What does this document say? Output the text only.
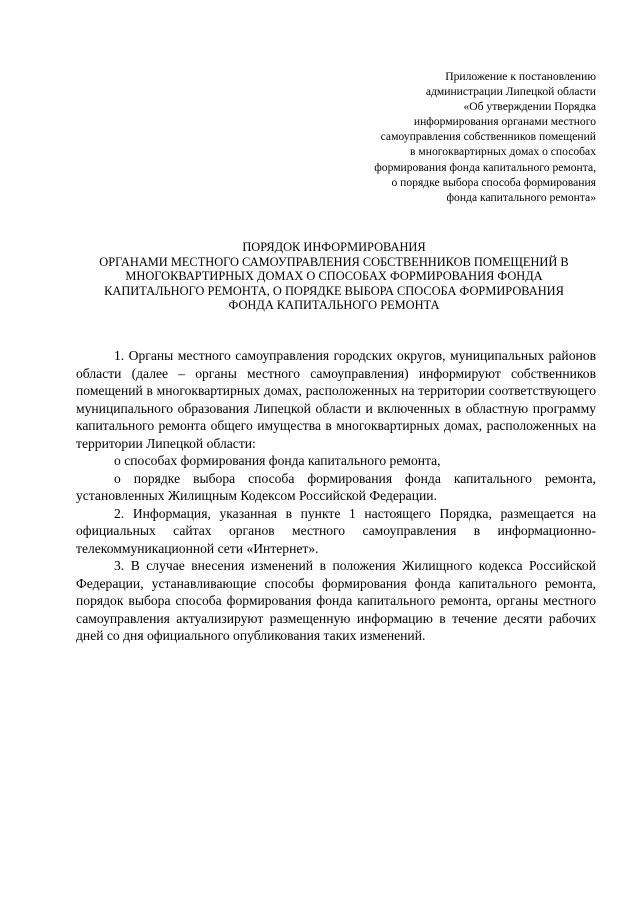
Приложение к постановлению
администрации Липецкой области
«Об утверждении Порядка
информирования органами местного
самоуправления собственников помещений
в многоквартирных домах о способах
формирования фонда капитального ремонта,
о порядке выбора способа формирования
фонда капитального ремонта»
ПОРЯДОК ИНФОРМИРОВАНИЯ
ОРГАНАМИ МЕСТНОГО САМОУПРАВЛЕНИЯ СОБСТВЕННИКОВ ПОМЕЩЕНИЙ В
МНОГОКВАРТИРНЫХ ДОМАХ О СПОСОБАХ ФОРМИРОВАНИЯ ФОНДА
КАПИТАЛЬНОГО РЕМОНТА, О ПОРЯДКЕ ВЫБОРА СПОСОБА ФОРМИРОВАНИЯ
ФОНДА КАПИТАЛЬНОГО РЕМОНТА

1. Органы местного самоуправления городских округов, муниципальных районов области (далее – органы местного самоуправления) информируют собственников помещений в многоквартирных домах, расположенных на территории соответствующего муниципального образования Липецкой области и включенных в областную программу капитального ремонта общего имущества в многоквартирных домах, расположенных на территории Липецкой области:

о способах формирования фонда капитального ремонта,

о порядке выбора способа формирования фонда капитального ремонта, установленных Жилищным Кодексом Российской Федерации.

2. Информация, указанная в пункте 1 настоящего Порядка, размещается на официальных сайтах органов местного самоуправления в информационно-телекоммуникационной сети «Интернет».

3. В случае внесения изменений в положения Жилищного кодекса Российской Федерации, устанавливающие способы формирования фонда капитального ремонта, порядок выбора способа формирования фонда капитального ремонта, органы местного самоуправления актуализируют размещенную информацию в течение десяти рабочих дней со дня официального опубликования таких изменений.
